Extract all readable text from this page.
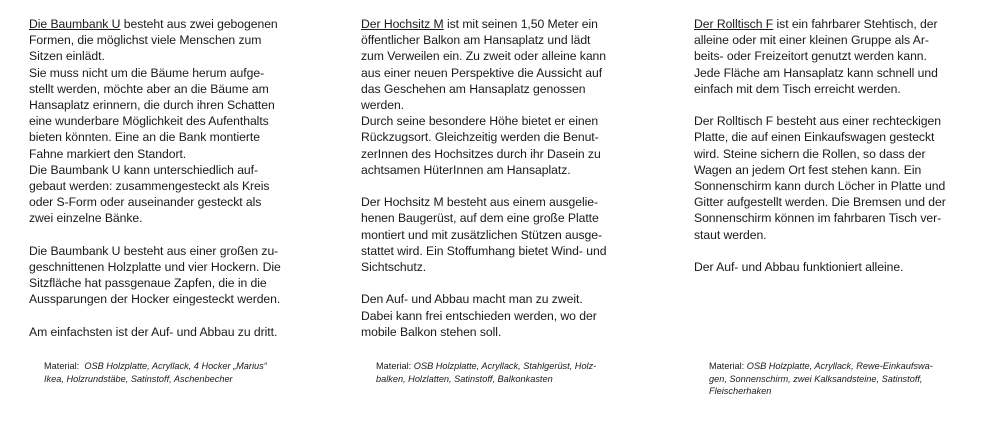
Die Baumbank U besteht aus zwei gebogenen
Formen, die möglichst viele Menschen zum
Sitzen einlädt.
Sie muss nicht um die Bäume herum aufge-
stellt werden, möchte aber an die Bäume am
Hansaplatz erinnern, die durch ihren Schatten
eine wunderbare Möglichkeit des Aufenthalts
bieten könnten. Eine an die Bank montierte
Fahne markiert den Standort.
Die Baumbank U kann unterschiedlich auf-
gebaut werden: zusammengesteckt als Kreis
oder S-Form oder auseinander gesteckt als
zwei einzelne Bänke.

Die Baumbank U besteht aus einer großen zu-
geschnittenen Holzplatte und vier Hockern. Die
Sitzfläche hat passgenaue Zapfen, die in die
Aussparungen der Hocker eingesteckt werden.

Am einfachsten ist der Auf- und Abbau zu dritt.

Der Hochsitz M ist mit seinen 1,50 Meter ein
öffentlicher Balkon am Hansaplatz und lädt
zum Verweilen ein. Zu zweit oder alleine kann
aus einer neuen Perspektive die Aussicht auf
das Geschehen am Hansaplatz genossen
werden.
Durch seine besondere Höhe bietet er einen
Rückzugsort. Gleichzeitig werden die Benut-
zerInnen des Hochsitzes durch ihr Dasein zu
achtsamen HüterInnen am Hansaplatz.

Der Hochsitz M besteht aus einem ausgelie-
henen Baugerüst, auf dem eine große Platte
montiert und mit zusätzlichen Stützen ausge-
stattet wird. Ein Stoffumhang bietet Wind- und
Sichtschutz.

Den Auf- und Abbau macht man zu zweit.
Dabei kann frei entschieden werden, wo der
mobile Balkon stehen soll.

Der Rolltisch F ist ein fahrbarer Stehtisch, der
alleine oder mit einer kleinen Gruppe als Ar-
beits- oder Freizeitort genutzt werden kann.
Jede Fläche am Hansaplatz kann schnell und
einfach mit dem Tisch erreicht werden.

Der Rolltisch F besteht aus einer rechteckigen
Platte, die auf einen Einkaufswagen gesteckt
wird. Steine sichern die Rollen, so dass der
Wagen an jedem Ort fest stehen kann. Ein
Sonnenschirm kann durch Löcher in Platte und
Gitter aufgestellt werden. Die Bremsen und der
Sonnenschirm können im fahrbaren Tisch ver-
staut werden.

Der Auf- und Abbau funktioniert alleine.

Material: OSB Holzplatte, Acryllack, 4 Hocker „Marius“
Ikea, Holzrundstäbe, Satinstoff, Aschenbecher

Material: OSB Holzplatte, Acryllack, Stahlgerüst, Holz-
balken, Holzlatten, Satinstoff, Balkonkasten

Material: OSB Holzplatte, Acryllack, Rewe-Einkaufswa-
gen, Sonnenschirm, zwei Kalksandsteine, Satinstoff,
Fleischerhaken
